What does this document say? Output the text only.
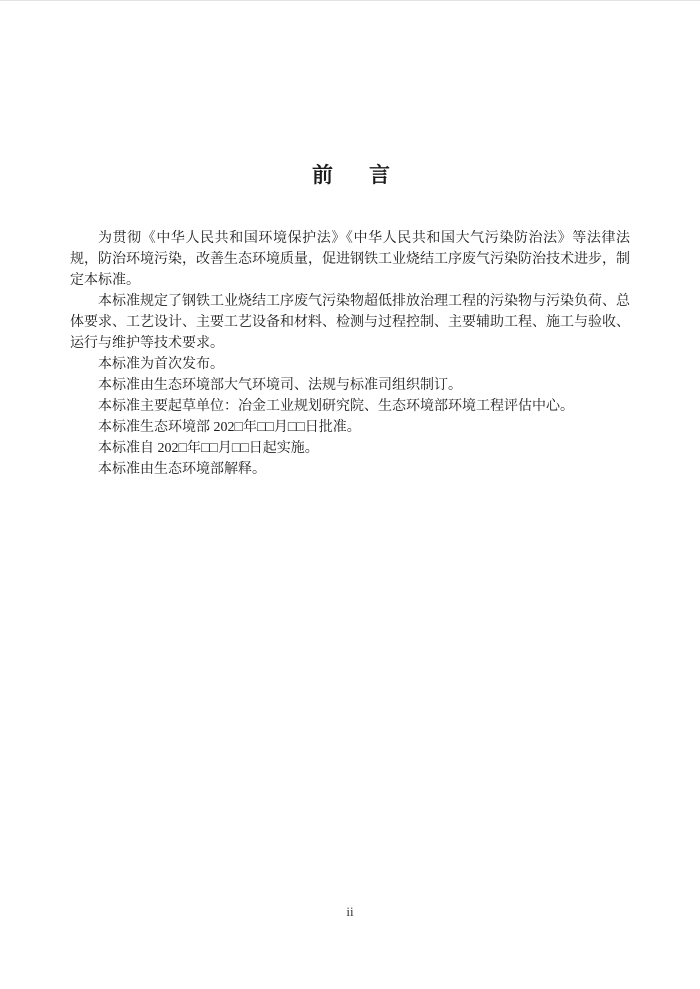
前　　言

为贯彻《中华人民共和国环境保护法》《中华人民共和国大气污染防治法》等法律法规，防治环境污染，改善生态环境质量，促进钢铁工业烧结工序废气污染防治技术进步，制定本标准。

本标准规定了钢铁工业烧结工序废气污染物超低排放治理工程的污染物与污染负荷、总体要求、工艺设计、主要工艺设备和材料、检测与过程控制、主要辅助工程、施工与验收、运行与维护等技术要求。

本标准为首次发布。

本标准由生态环境部大气环境司、法规与标准司组织制订。

本标准主要起草单位：冶金工业规划研究院、生态环境部环境工程评估中心。

本标准生态环境部 202□年□□月□□日批准。

本标准自 202□年□□月□□日起实施。

本标准由生态环境部解释。

ii
